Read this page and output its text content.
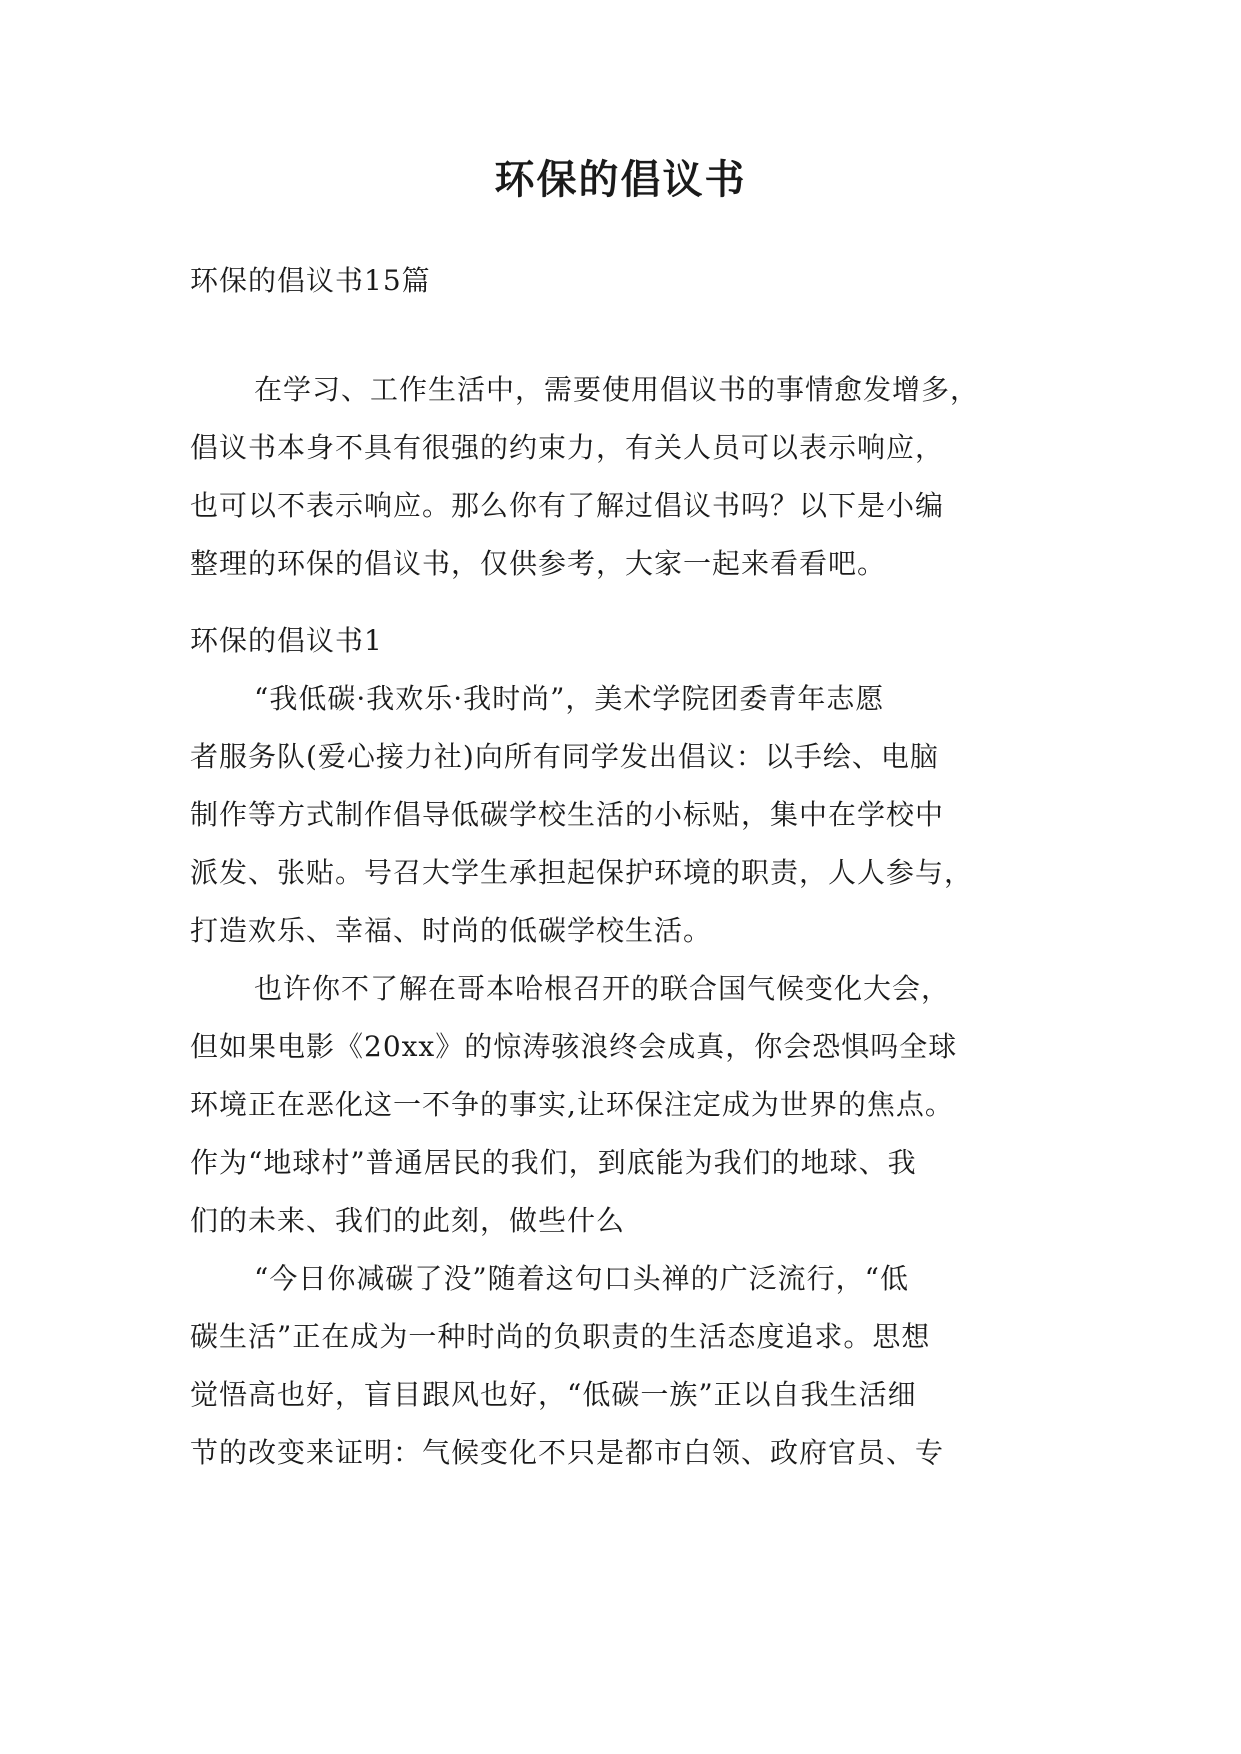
环保的倡议书

环保的倡议书15篇

在学习、工作生活中，需要使用倡议书的事情愈发增多，
倡议书本身不具有很强的约束力，有关人员可以表示响应，
也可以不表示响应。那么你有了解过倡议书吗？以下是小编
整理的环保的倡议书，仅供参考，大家一起来看看吧。

环保的倡议书1

“我低碳·我欢乐·我时尚”，美术学院团委青年志愿
者服务队(爱心接力社)向所有同学发出倡议：以手绘、电脑
制作等方式制作倡导低碳学校生活的小标贴，集中在学校中
派发、张贴。号召大学生承担起保护环境的职责，人人参与，
打造欢乐、幸福、时尚的低碳学校生活。
也许你不了解在哥本哈根召开的联合国气候变化大会，
但如果电影《20xx》的惊涛骇浪终会成真，你会恐惧吗全球
环境正在恶化这一不争的事实,让环保注定成为世界的焦点。
作为“地球村”普通居民的我们，到底能为我们的地球、我
们的未来、我们的此刻，做些什么
“今日你减碳了没”随着这句口头禅的广泛流行，“低
碳生活”正在成为一种时尚的负职责的生活态度追求。思想
觉悟高也好，盲目跟风也好，“低碳一族”正以自我生活细
节的改变来证明：气候变化不只是都市白领、政府官员、专
